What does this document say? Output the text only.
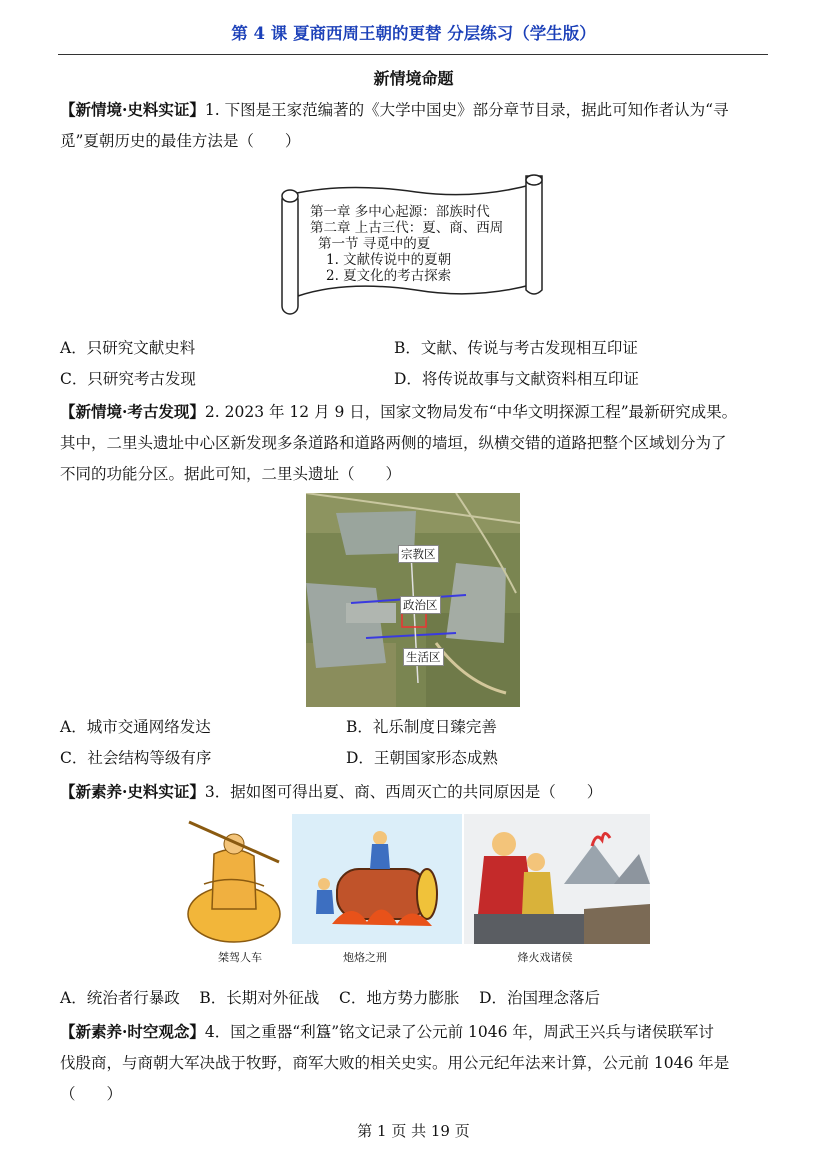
第 4 课 夏商西周王朝的更替 分层练习（学生版）
新情境命题
【新情境·史料实证】1. 下图是王家范编著的《大学中国史》部分章节目录，据此可知作者认为“寻
觅”夏朝历史的最佳方法是（　　）
第一章 多中心起源：部族时代
第二章 上古三代：夏、商、西周
第一节 寻觅中的夏
1. 文献传说中的夏朝
2. 夏文化的考古探索
A．只研究文献史料	B．文献、传说与考古发现相互印证
C．只研究考古发现	D．将传说故事与文献资料相互印证
【新情境·考古发现】2. 2023 年 12 月 9 日，国家文物局发布“中华文明探源工程”最新研究成果。
其中，二里头遗址中心区新发现多条道路和道路两侧的墙垣，纵横交错的道路把整个区域划分为了
不同的功能分区。据此可知，二里头遗址（　　）
宗教区
政治区
生活区
A．城市交通网络发达	B．礼乐制度日臻完善
C．社会结构等级有序	D．王朝国家形态成熟
【新素养·史料实证】3．据如图可得出夏、商、西周灭亡的共同原因是（　　）
桀驾人车	炮烙之刑	烽火戏诸侯
A．统治者行暴政    B．长期对外征战    C．地方势力膨胀    D．治国理念落后
【新素养·时空观念】4．国之重器“利簋”铭文记录了公元前 1046 年，周武王兴兵与诸侯联军讨
伐殷商，与商朝大军决战于牧野，商军大败的相关史实。用公元纪年法来计算，公元前 1046 年是
（　　）
第 1 页 共 19 页
